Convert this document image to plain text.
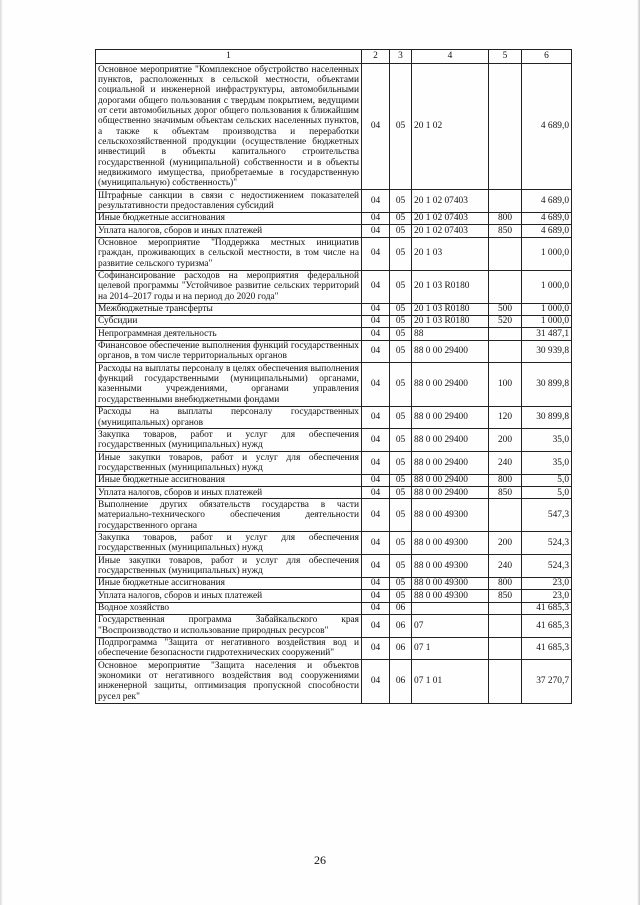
1	2	3	4	5	6
Основное мероприятие "Комплексное обустройство населенных пунктов, расположенных в сельской местности, объектами социальной и инженерной инфраструктуры, автомобильными дорогами общего пользования с твердым покрытием, ведущими от сети автомобильных дорог общего пользования к ближайшим общественно значимым объектам сельских населенных пунктов, а также к объектам производства и переработки сельскохозяйственной продукции (осуществление бюджетных инвестиций в объекты капитального строительства государственной (муниципальной) собственности и в объекты недвижимого имущества, приобретаемые в государственную (муниципальную) собственность)"	04	05	20 1 02		4 689,0
Штрафные санкции в связи с недостижением показателей результативности предоставления субсидий	04	05	20 1 02 07403		4 689,0
Иные бюджетные ассигнования	04	05	20 1 02 07403	800	4 689,0
Уплата налогов, сборов и иных платежей	04	05	20 1 02 07403	850	4 689,0
Основное мероприятие "Поддержка местных инициатив граждан, проживающих в сельской местности, в том числе на развитие сельского туризма"	04	05	20 1 03		1 000,0
Софинансирование расходов на мероприятия федеральной целевой программы "Устойчивое развитие сельских территорий на 2014–2017 годы и на период до 2020 года"	04	05	20 1 03 R0180		1 000,0
Межбюджетные трансферты	04	05	20 1 03 R0180	500	1 000,0
Субсидии	04	05	20 1 03 R0180	520	1 000,0
Непрограммная деятельность	04	05	88		31 487,1
Финансовое обеспечение выполнения функций государственных органов, в том числе территориальных органов	04	05	88 0 00 29400		30 939,8
Расходы на выплаты персоналу в целях обеспечения выполнения функций государственными (муниципальными) органами, казенными учреждениями, органами управления государственными внебюджетными фондами	04	05	88 0 00 29400	100	30 899,8
Расходы на выплаты персоналу государственных (муниципальных) органов	04	05	88 0 00 29400	120	30 899,8
Закупка товаров, работ и услуг для обеспечения государственных (муниципальных) нужд	04	05	88 0 00 29400	200	35,0
Иные закупки товаров, работ и услуг для обеспечения государственных (муниципальных) нужд	04	05	88 0 00 29400	240	35,0
Иные бюджетные ассигнования	04	05	88 0 00 29400	800	5,0
Уплата налогов, сборов и иных платежей	04	05	88 0 00 29400	850	5,0
Выполнение других обязательств государства в части материально-технического обеспечения деятельности государственного органа	04	05	88 0 00 49300		547,3
Закупка товаров, работ и услуг для обеспечения государственных (муниципальных) нужд	04	05	88 0 00 49300	200	524,3
Иные закупки товаров, работ и услуг для обеспечения государственных (муниципальных) нужд	04	05	88 0 00 49300	240	524,3
Иные бюджетные ассигнования	04	05	88 0 00 49300	800	23,0
Уплата налогов, сборов и иных платежей	04	05	88 0 00 49300	850	23,0
Водное хозяйство	04	06			41 685,3
Государственная программа Забайкальского края "Воспроизводство и использование природных ресурсов"	04	06	07		41 685,3
Подпрограмма "Защита от негативного воздействия вод и обеспечение безопасности гидротехнических сооружений"	04	06	07 1		41 685,3
Основное мероприятие "Защита населения и объектов экономики от негативного воздействия вод сооружениями инженерной защиты, оптимизация пропускной способности русел рек"	04	06	07 1 01		37 270,7
26
